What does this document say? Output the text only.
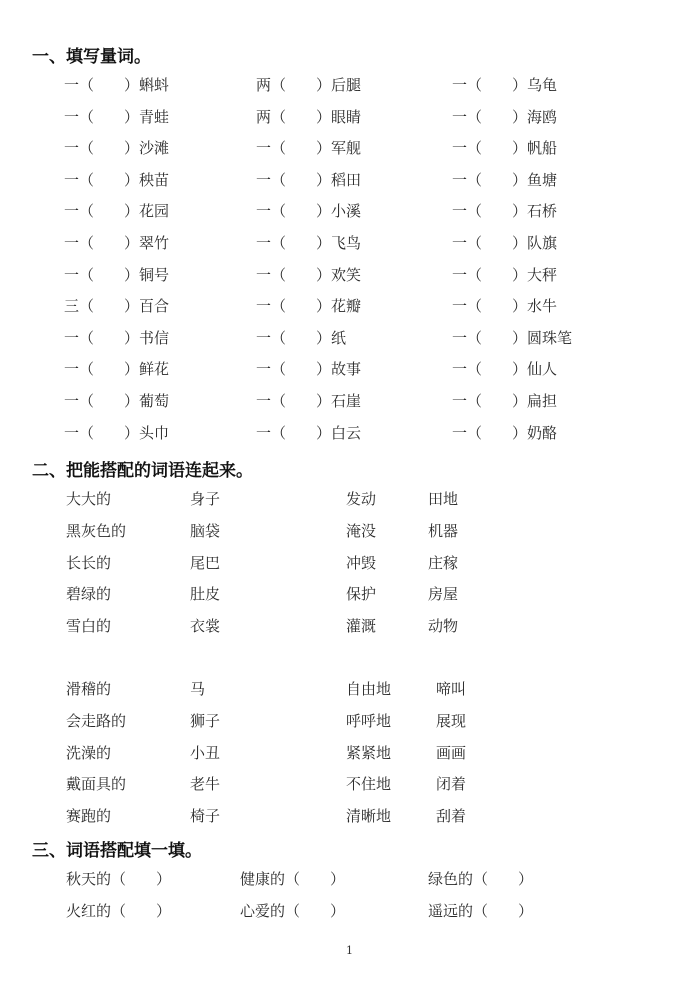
一、填写量词。
一（　　）蝌蚪	两（　　）后腿	一（　　）乌龟
一（　　）青蛙	两（　　）眼睛	一（　　）海鸥
一（　　）沙滩	一（　　）军舰	一（　　）帆船
一（　　）秧苗	一（　　）稻田	一（　　）鱼塘
一（　　）花园	一（　　）小溪	一（　　）石桥
一（　　）翠竹	一（　　）飞鸟	一（　　）队旗
一（　　）铜号	一（　　）欢笑	一（　　）大秤
三（　　）百合	一（　　）花瓣	一（　　）水牛
一（　　）书信	一（　　）纸	一（　　）圆珠笔
一（　　）鲜花	一（　　）故事	一（　　）仙人
一（　　）葡萄	一（　　）石崖	一（　　）扁担
一（　　）头巾	一（　　）白云	一（　　）奶酪
二、把能搭配的词语连起来。
大大的	身子	发动	田地
黑灰色的	脑袋	淹没	机器
长长的	尾巴	冲毁	庄稼
碧绿的	肚皮	保护	房屋
雪白的	衣裳	灌溉	动物
滑稽的	马	自由地	啼叫
会走路的	狮子	呼呼地	展现
洗澡的	小丑	紧紧地	画画
戴面具的	老牛	不住地	闭着
赛跑的	椅子	清晰地	刮着
三、词语搭配填一填。
秋天的（　　）	健康的（　　）	绿色的（　　）
火红的（　　）	心爱的（　　）	遥远的（　　）
1
